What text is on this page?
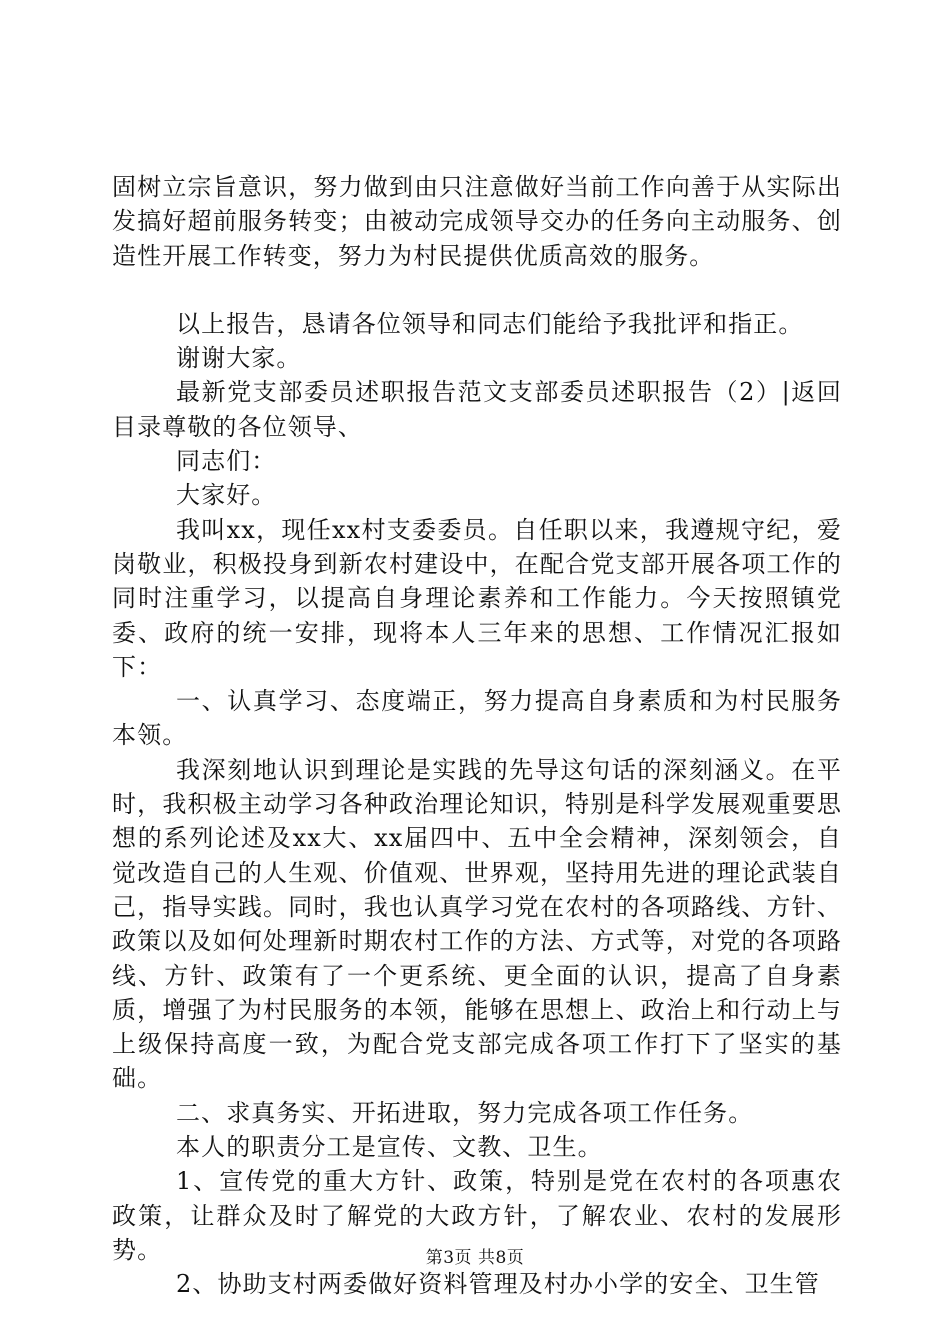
固树立宗旨意识，努力做到由只注意做好当前工作向善于从实际出发搞好超前服务转变；由被动完成领导交办的任务向主动服务、创造性开展工作转变，努力为村民提供优质高效的服务。

以上报告，恳请各位领导和同志们能给予我批评和指正。

谢谢大家。

最新党支部委员述职报告范文支部委员述职报告（2）|返回目录尊敬的各位领导、

同志们：

大家好。

我叫xx，现任xx村支委委员。自任职以来，我遵规守纪，爱岗敬业，积极投身到新农村建设中，在配合党支部开展各项工作的同时注重学习，以提高自身理论素养和工作能力。今天按照镇党委、政府的统一安排，现将本人三年来的思想、工作情况汇报如下：

一、认真学习、态度端正，努力提高自身素质和为村民服务本领。

我深刻地认识到理论是实践的先导这句话的深刻涵义。在平时，我积极主动学习各种政治理论知识，特别是科学发展观重要思想的系列论述及xx大、xx届四中、五中全会精神，深刻领会，自觉改造自己的人生观、价值观、世界观，坚持用先进的理论武装自己，指导实践。同时，我也认真学习党在农村的各项路线、方针、政策以及如何处理新时期农村工作的方法、方式等，对党的各项路线、方针、政策有了一个更系统、更全面的认识，提高了自身素质，增强了为村民服务的本领，能够在思想上、政治上和行动上与上级保持高度一致，为配合党支部完成各项工作打下了坚实的基础。

二、求真务实、开拓进取，努力完成各项工作任务。

本人的职责分工是宣传、文教、卫生。

1、宣传党的重大方针、政策，特别是党在农村的各项惠农政策，让群众及时了解党的大政方针，了解农业、农村的发展形势。

2、协助支村两委做好资料管理及村办小学的安全、卫生管

第3页 共8页
